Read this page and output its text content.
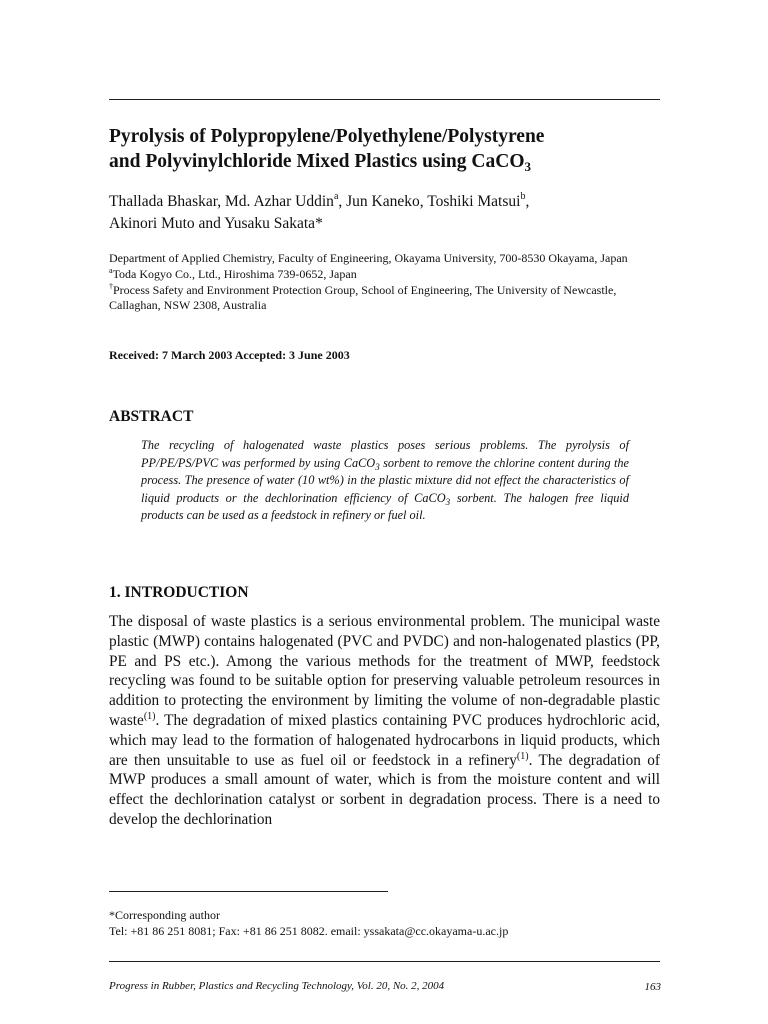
Pyrolysis of Polypropylene/Polyethylene/Polystyrene
and Polyvinylchloride Mixed Plastics using CaCO$_3$
Thallada Bhaskar, Md. Azhar Uddin$^a$, Jun Kaneko, Toshiki Matsui$^b$,
Akinori Muto and Yusaku Sakata*
Department of Applied Chemistry, Faculty of Engineering, Okayama University, 700-8530 Okayama, Japan
$^a$Toda Kogyo Co., Ltd., Hiroshima 739-0652, Japan
†Process Safety and Environment Protection Group, School of Engineering, The University of Newcastle, Callaghan, NSW 2308, Australia
Received: 7 March 2003 Accepted: 3 June 2003
ABSTRACT

The recycling of halogenated waste plastics poses serious problems. The pyrolysis of PP/PE/PS/PVC was performed by using CaCO$_3$ sorbent to remove the chlorine content during the process. The presence of water (10 wt%) in the plastic mixture did not effect the characteristics of liquid products or the dechlorination efficiency of CaCO$_3$ sorbent. The halogen free liquid products can be used as a feedstock in refinery or fuel oil.

1. INTRODUCTION

The disposal of waste plastics is a serious environmental problem. The municipal waste plastic (MWP) contains halogenated (PVC and PVDC) and non-halogenated plastics (PP, PE and PS etc.). Among the various methods for the treatment of MWP, feedstock recycling was found to be suitable option for preserving valuable petroleum resources in addition to protecting the environment by limiting the volume of non-degradable plastic waste$^{(1)}$. The degradation of mixed plastics containing PVC produces hydrochloric acid, which may lead to the formation of halogenated hydrocarbons in liquid products, which are then unsuitable to use as fuel oil or feedstock in a refinery$^{(1)}$. The degradation of MWP produces a small amount of water, which is from the moisture content and will effect the dechlorination catalyst or sorbent in degradation process. There is a need to develop the dechlorination

*Corresponding author
Tel: +81 86 251 8081; Fax: +81 86 251 8082. email: yssakata@cc.okayama-u.ac.jp
Progress in Rubber, Plastics and Recycling Technology, Vol. 20, No. 2, 2004	163
